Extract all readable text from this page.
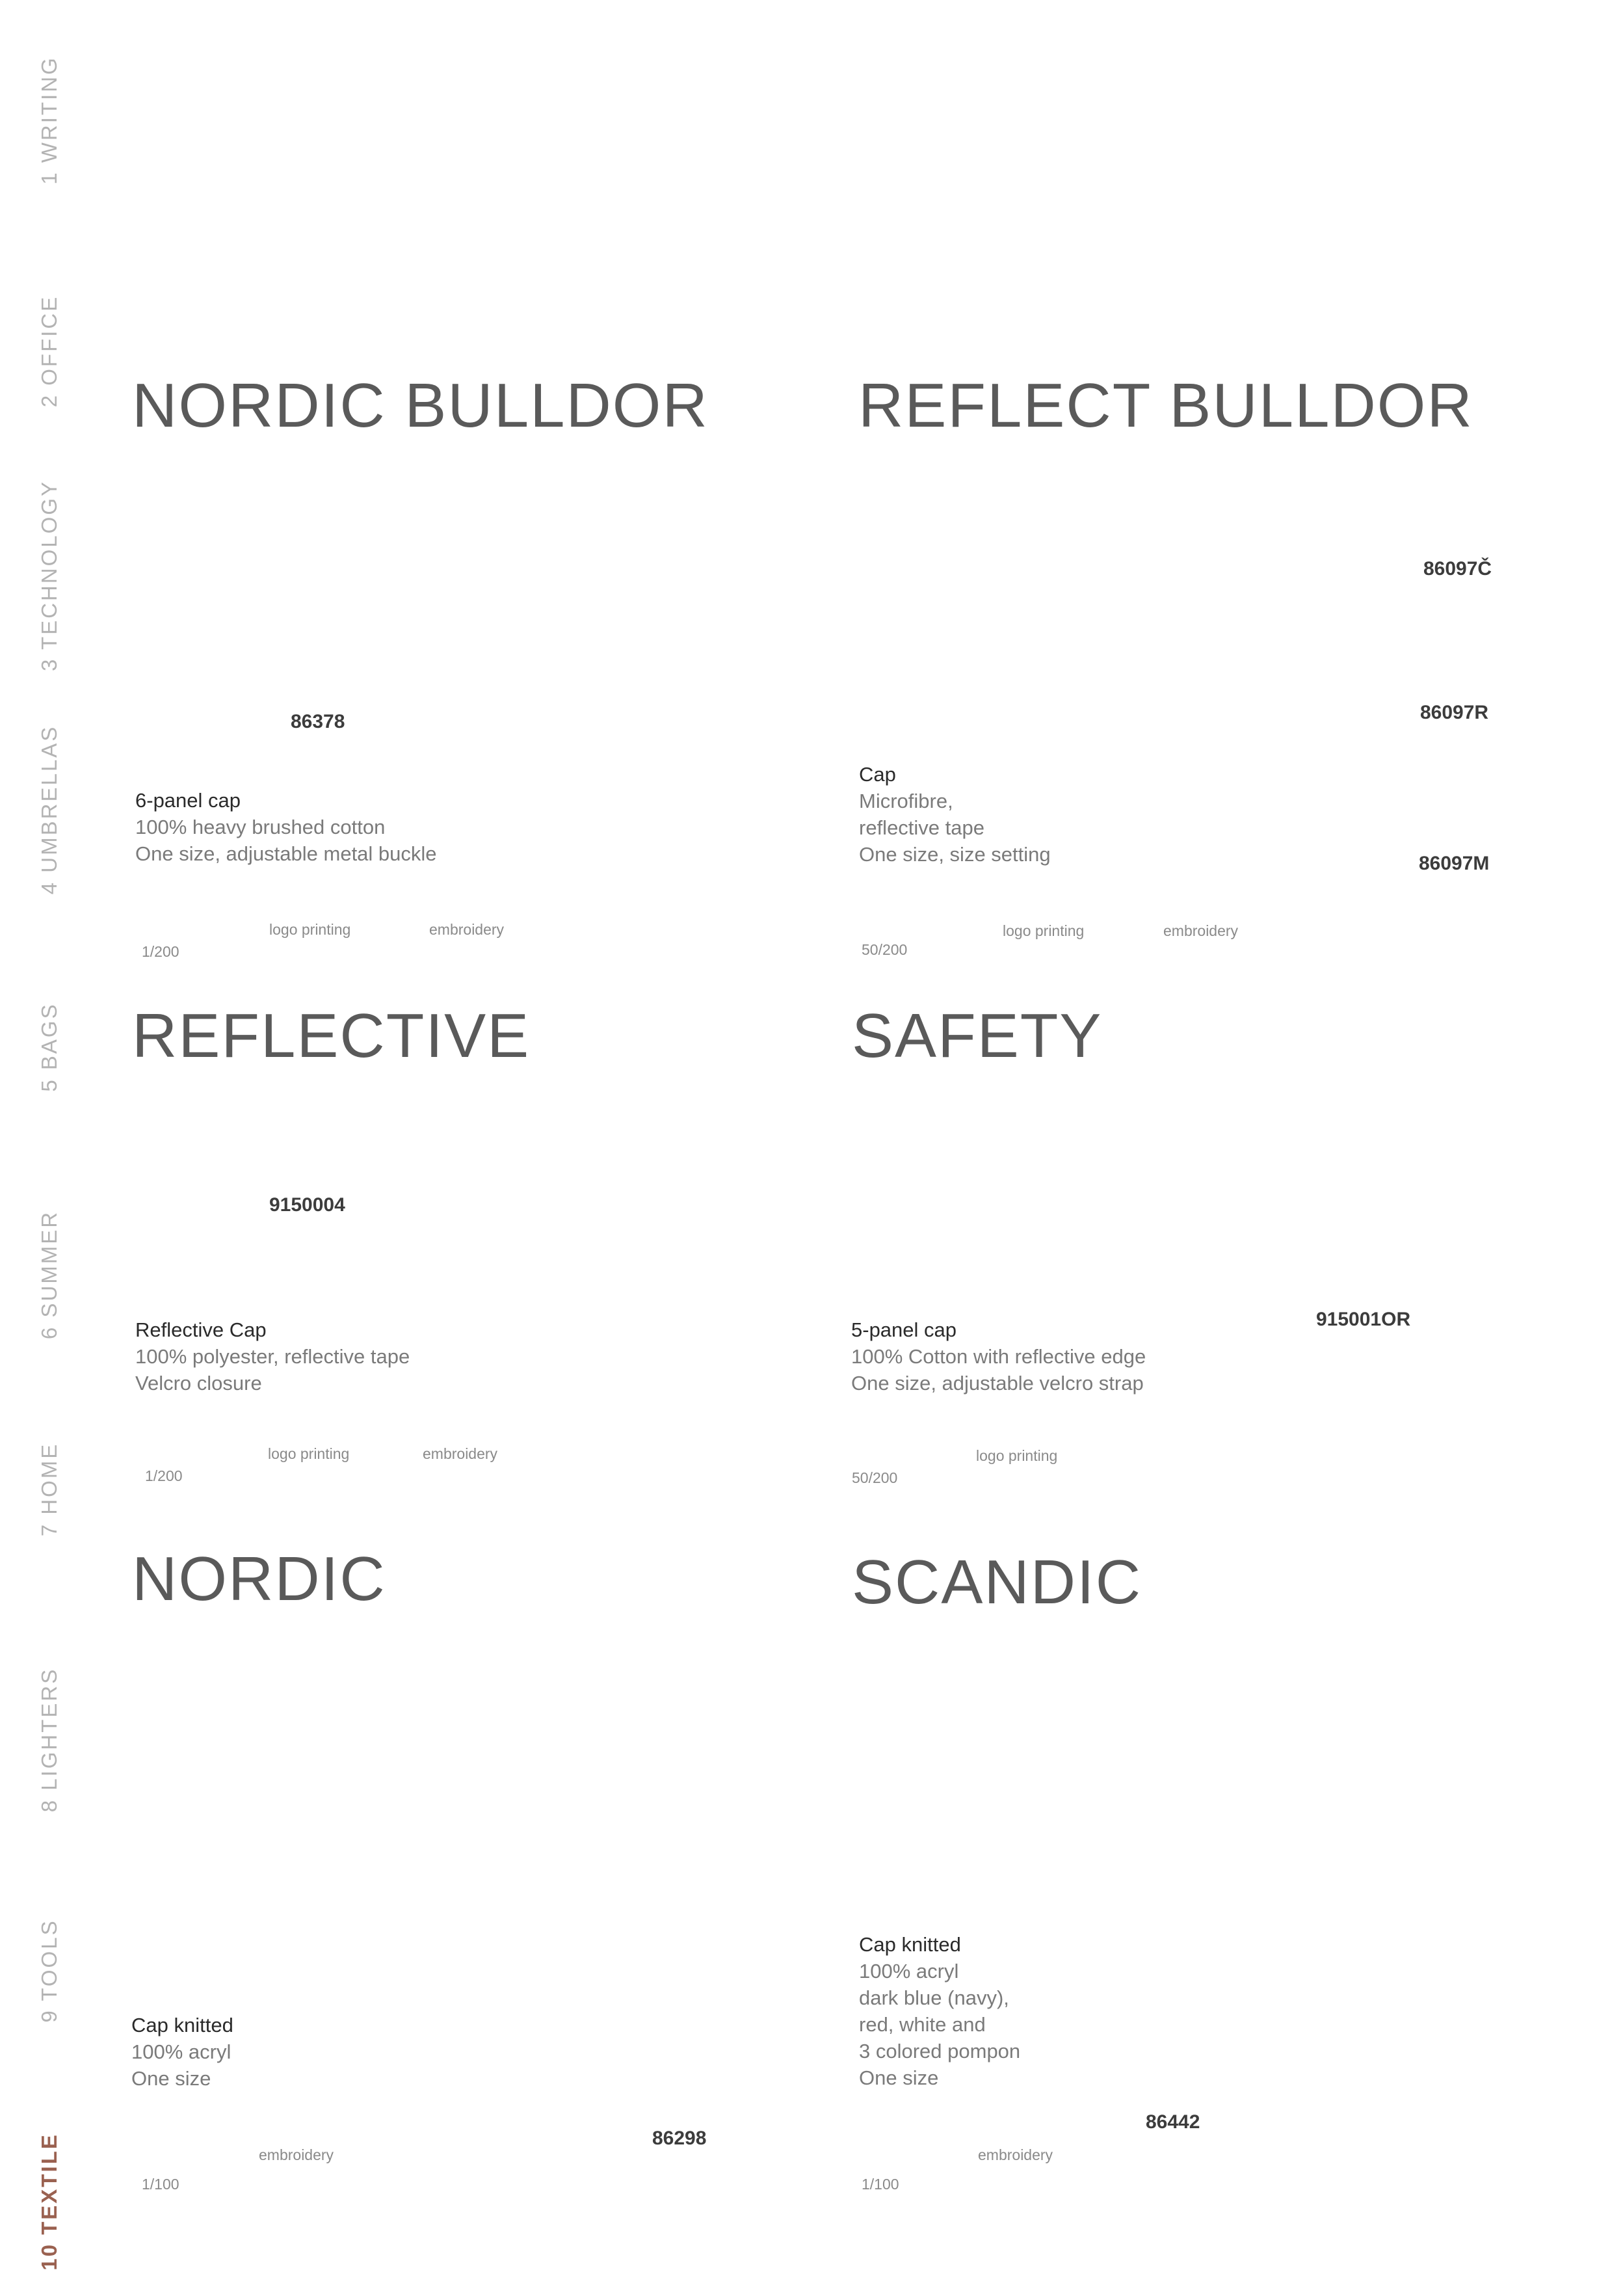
1 WRITING
2 OFFICE
3 TECHNOLOGY
4 UMBRELLAS
5 BAGS
6 SUMMER
7 HOME
8 LIGHTERS
9 TOOLS
10 TEXTILE
NORDIC BULLDOR
86378
6-panel cap
100% heavy brushed cotton
One size, adjustable metal buckle
1/200
logo printing	embroidery
REFLECT BULLDOR
86097Č
86097R
86097M
Cap
Microfibre,
reflective tape
One size, size setting
50/200
logo printing	embroidery
REFLECTIVE
9150004
Reflective Cap
100% polyester, reflective tape
Velcro closure
1/200
logo printing	embroidery
SAFETY
915001OR
5-panel cap
100% Cotton with reflective edge
One size, adjustable velcro strap
50/200
logo printing
NORDIC
86298
Cap knitted
100% acryl
One size
1/100
embroidery
SCANDIC
86442
Cap knitted
100% acryl
dark blue (navy),
red, white and
3 colored pompon
One size
1/100
embroidery
